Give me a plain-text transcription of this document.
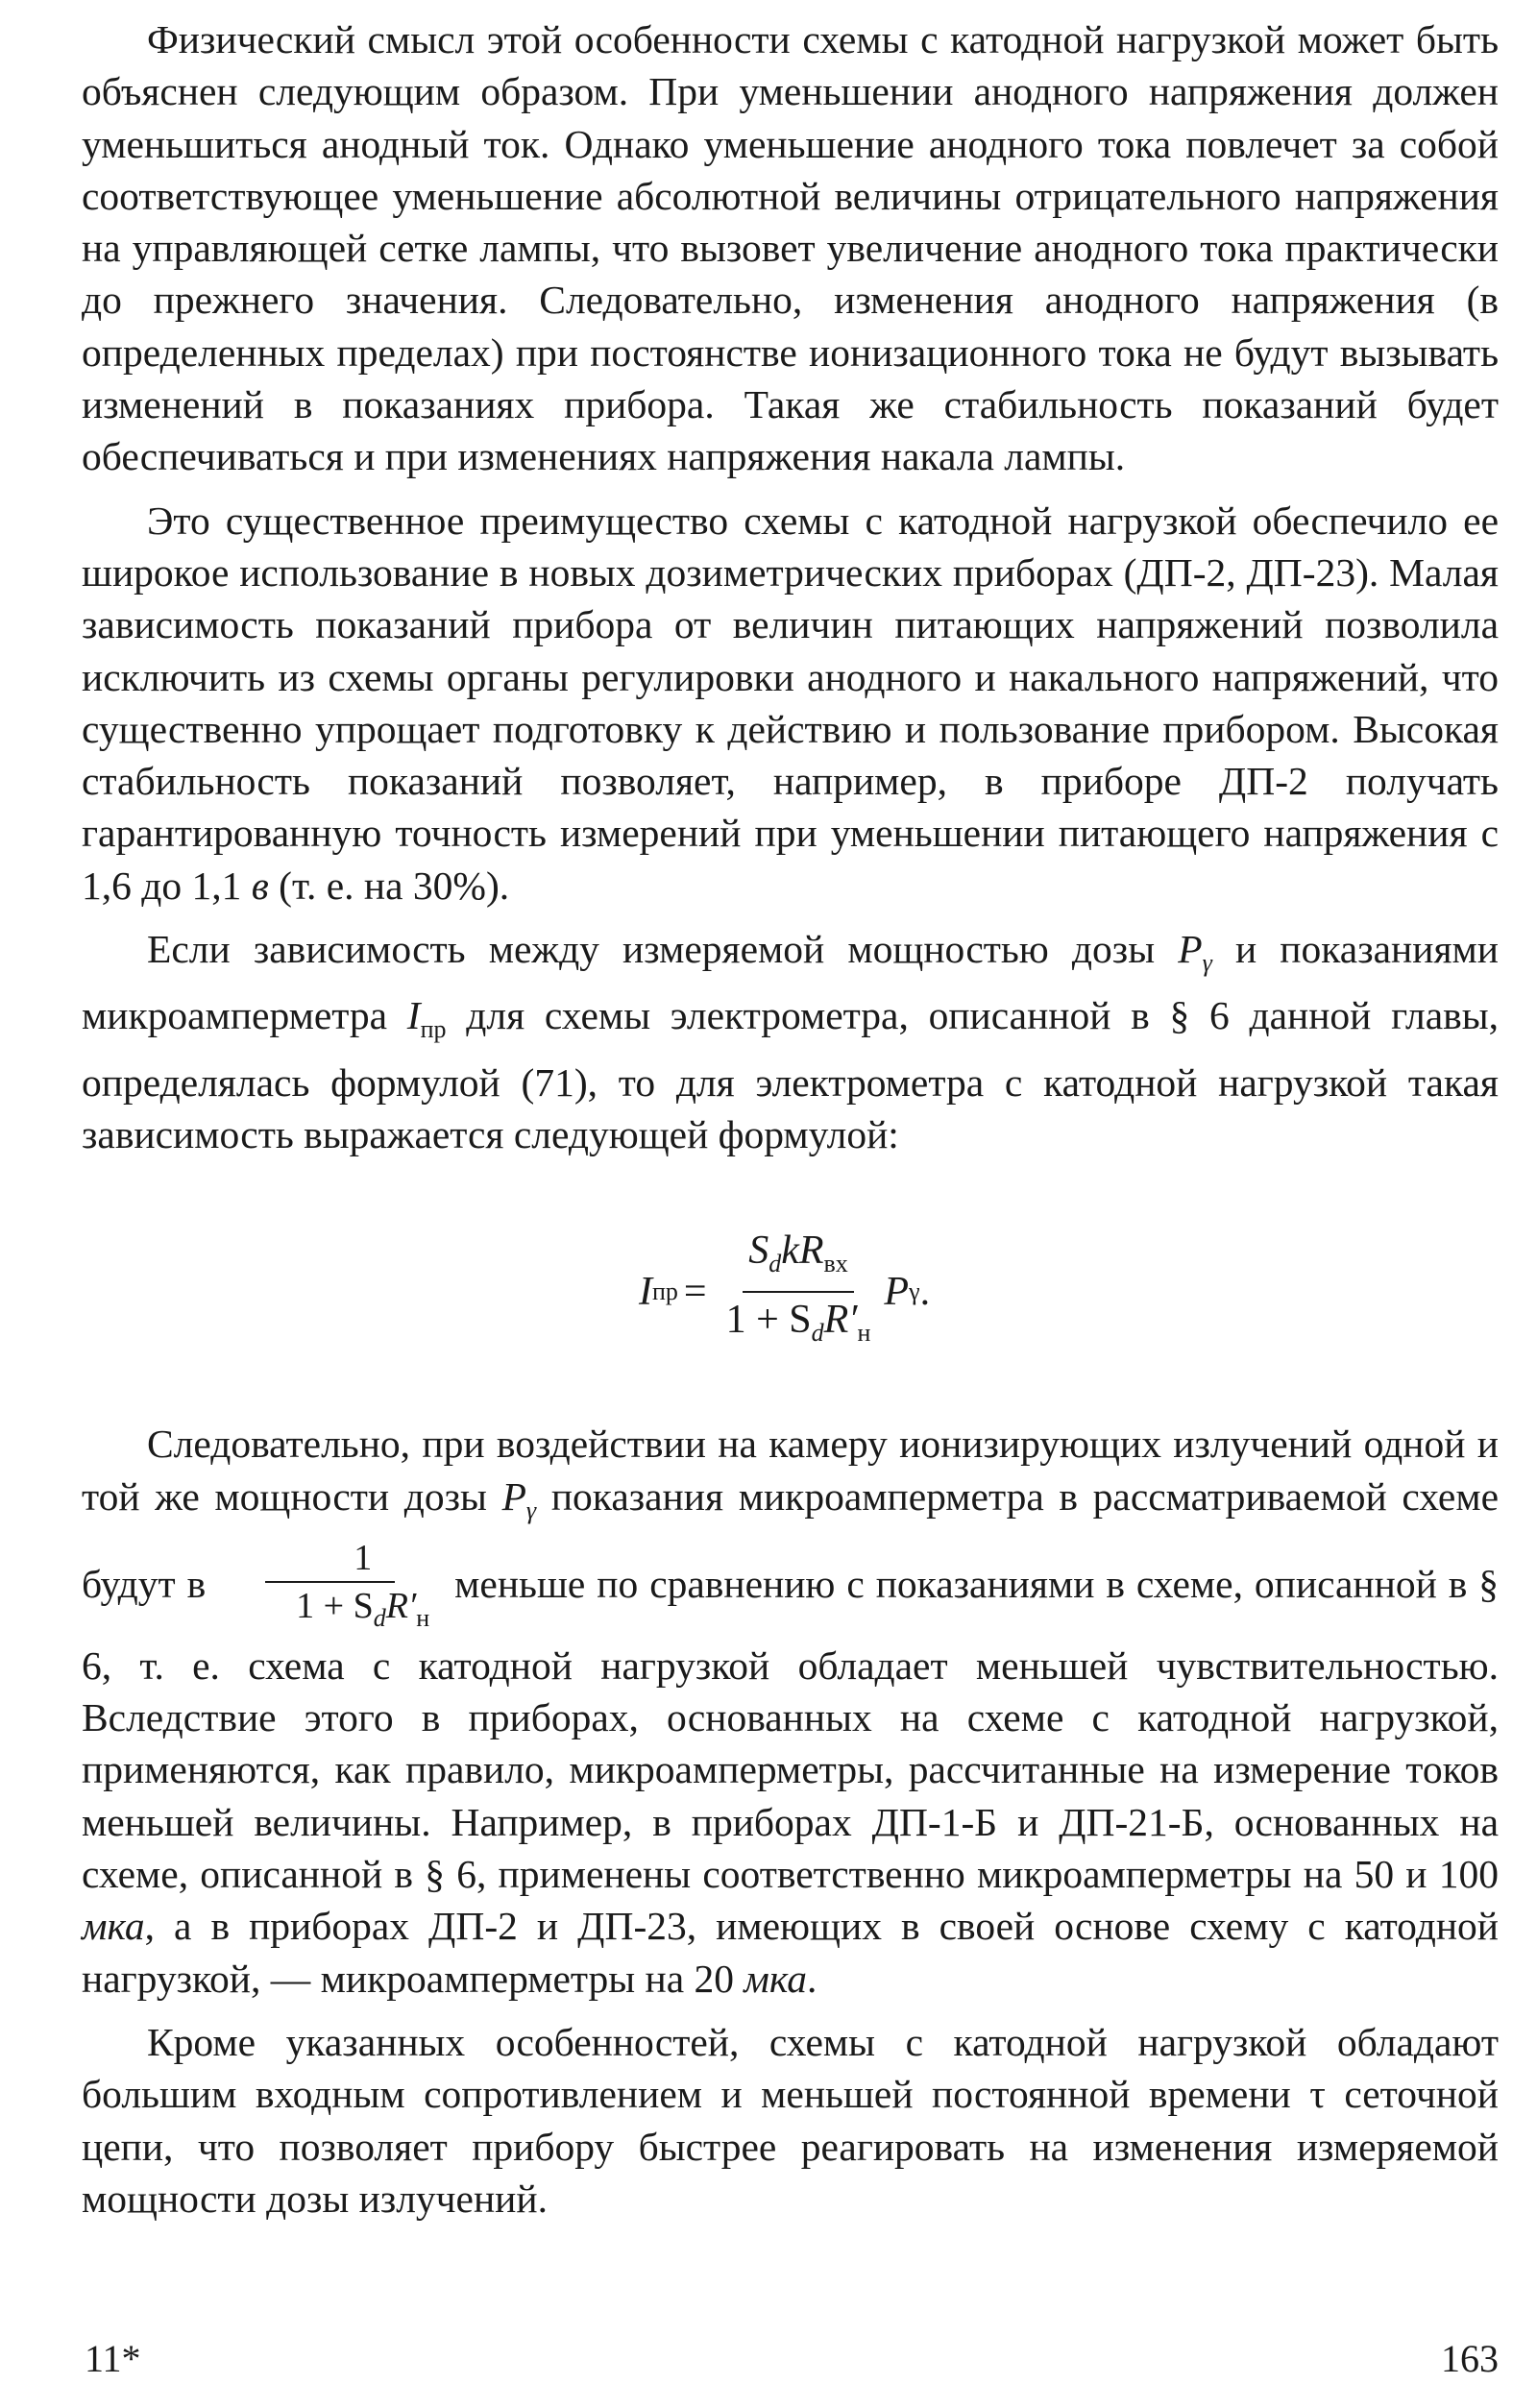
Физический смысл этой особенности схемы с катодной нагрузкой может быть объяснен следующим образом. При уменьшении анодного напряжения должен уменьшиться анодный ток. Однако уменьшение анодного тока повлечет за собой соответствующее уменьшение абсолютной величины отрицательного напряжения на управляющей сетке лампы, что вызовет увеличение анодного тока практически до прежнего значения. Следовательно, изменения анодного напряжения (в определенных пределах) при постоянстве ионизационного тока не будут вызывать изменений в показаниях прибора. Такая же стабильность показаний будет обеспечиваться и при изменениях напряжения накала лампы.

Это существенное преимущество схемы с катодной нагрузкой обеспечило ее широкое использование в новых дозиметрических приборах (ДП-2, ДП-23). Малая зависимость показаний прибора от величин питающих напряжений позволила исключить из схемы органы регулировки анодного и накального напряжений, что существенно упрощает подготовку к действию и пользование прибором. Высокая стабильность показаний позволяет, например, в приборе ДП-2 получать гарантированную точность измерений при уменьшении питающего напряжения с 1,6 до 1,1 в (т. е. на 30%).

Если зависимость между измеряемой мощностью дозы $P_\gamma$ и показаниями микроамперметра $I_{пр}$ для схемы электрометра, описанной в § 6 данной главы, определялась формулой (71), то для электрометра с катодной нагрузкой такая зависимость выражается следующей формулой:

I пр = $\frac{S_dkR_{вх}}{1 + S_dR'_н}$ P γ .

Следовательно, при воздействии на камеру ионизирующих излучений одной и той же мощности дозы $P_\gamma$ показания микроамперметра в рассматриваемой схеме будут в $\frac{1}{1 + S_dR'_н}$ меньше по сравнению с показаниями в схеме, описанной в § 6, т. е. схема с катодной нагрузкой обладает меньшей чувствительностью. Вследствие этого в приборах, основанных на схеме с катодной нагрузкой, применяются, как правило, микроамперметры, рассчитанные на измерение токов меньшей величины. Например, в приборах ДП-1-Б и ДП-21-Б, основанных на схеме, описанной в § 6, применены соответственно микроамперметры на 50 и 100 мка, а в приборах ДП-2 и ДП-23, имеющих в своей основе схему с катодной нагрузкой, — микроамперметры на 20 мка.

Кроме указанных особенностей, схемы с катодной нагрузкой обладают большим входным сопротивлением и меньшей постоянной времени τ сеточной цепи, что позволяет прибору быстрее реагировать на изменения измеряемой мощности дозы излучений.

11*	163
